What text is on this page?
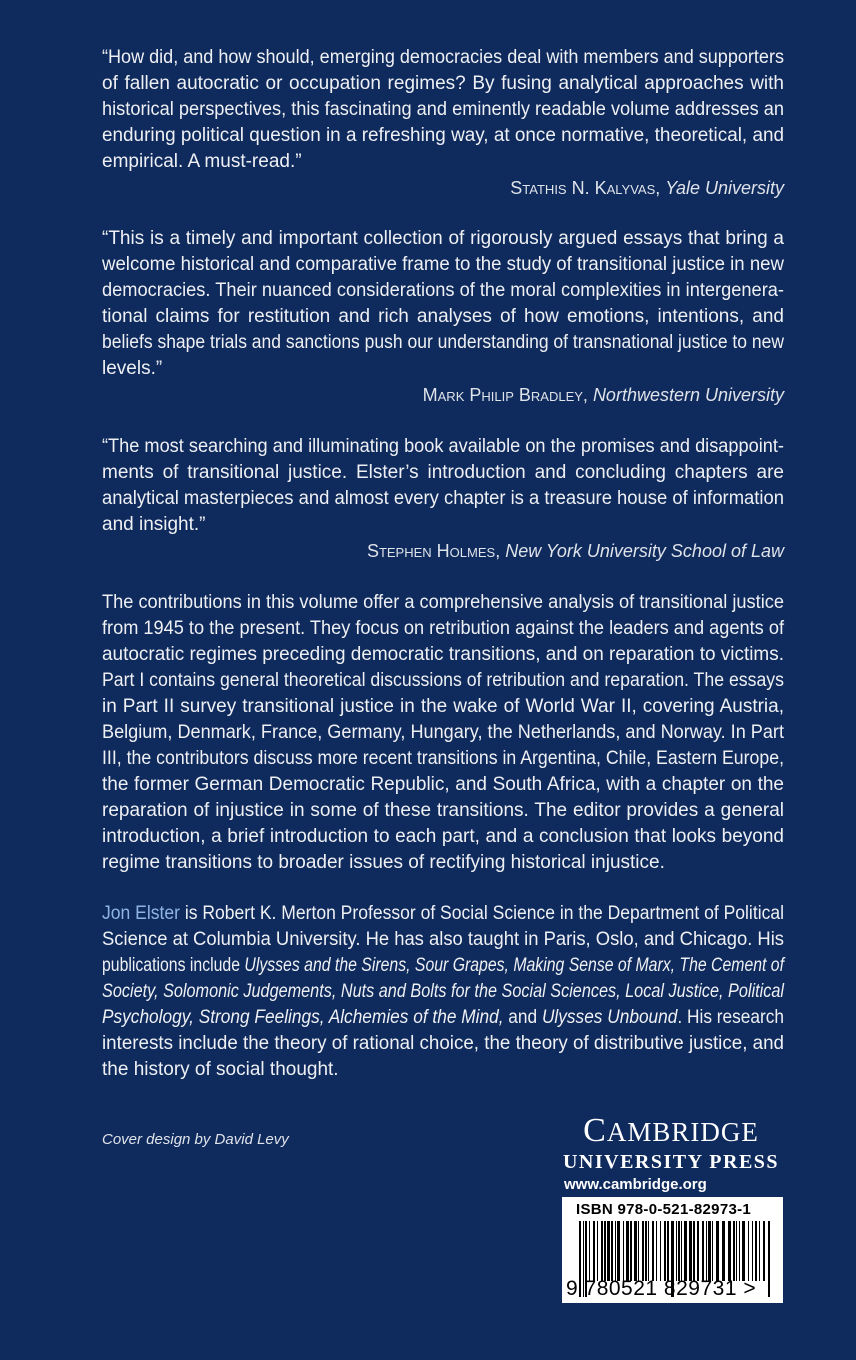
“How did, and how should, emerging democracies deal with members and supporters
of fallen autocratic or occupation regimes? By fusing analytical approaches with
historical perspectives, this fascinating and eminently readable volume addresses an
enduring political question in a refreshing way, at once normative, theoretical, and
empirical. A must-read.”
Stathis N. Kalyvas, Yale University
“This is a timely and important collection of rigorously argued essays that bring a
welcome historical and comparative frame to the study of transitional justice in new
democracies. Their nuanced considerations of the moral complexities in intergenera-
tional claims for restitution and rich analyses of how emotions, intentions, and
beliefs shape trials and sanctions push our understanding of transnational justice to new
levels.”
Mark Philip Bradley, Northwestern University
“The most searching and illuminating book available on the promises and disappoint-
ments of transitional justice. Elster’s introduction and concluding chapters are
analytical masterpieces and almost every chapter is a treasure house of information
and insight.”
Stephen Holmes, New York University School of Law
The contributions in this volume offer a comprehensive analysis of transitional justice
from 1945 to the present. They focus on retribution against the leaders and agents of
autocratic regimes preceding democratic transitions, and on reparation to victims.
Part I contains general theoretical discussions of retribution and reparation. The essays
in Part II survey transitional justice in the wake of World War II, covering Austria,
Belgium, Denmark, France, Germany, Hungary, the Netherlands, and Norway. In Part
III, the contributors discuss more recent transitions in Argentina, Chile, Eastern Europe,
the former German Democratic Republic, and South Africa, with a chapter on the
reparation of injustice in some of these transitions. The editor provides a general
introduction, a brief introduction to each part, and a conclusion that looks beyond
regime transitions to broader issues of rectifying historical injustice.
Jon Elster is Robert K. Merton Professor of Social Science in the Department of Political
Science at Columbia University. He has also taught in Paris, Oslo, and Chicago. His
publications include Ulysses and the Sirens, Sour Grapes, Making Sense of Marx, The Cement of
Society, Solomonic Judgements, Nuts and Bolts for the Social Sciences, Local Justice, Political
Psychology, Strong Feelings, Alchemies of the Mind, and Ulysses Unbound. His research
interests include the theory of rational choice, the theory of distributive justice, and
the history of social thought.
Cover design by David Levy	CAMBRIDGE
UNIVERSITY PRESS
www.cambridge.org
ISBN 978-0-521-82973-1
9 780521 829731 >
